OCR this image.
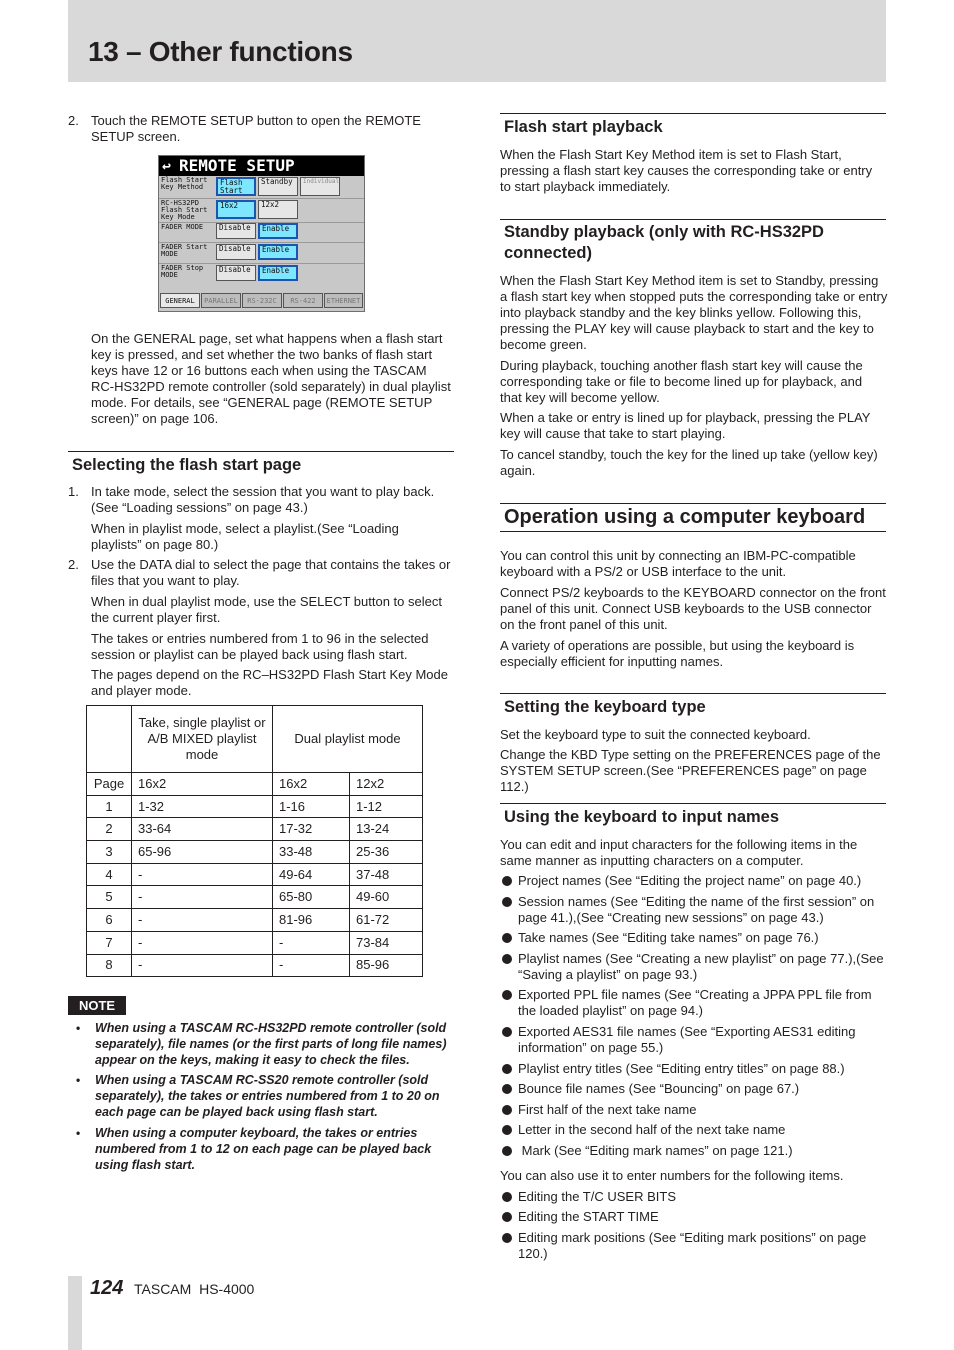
13 – Other functions
2. Touch the REMOTE SETUP button to open the REMOTE SETUP screen.
↩ REMOTE SETUP
Flash Start
Key Method	Flash
Start
Standby	Individual
RC-HS32PD
Flash Start
Key Mode
16x2	12x2
FADER MODE	Disable	Enable
FADER Start
MODE
Disable	Enable
FADER Stop
MODE
Disable	Enable
GENERAL	PARALLEL	RS-232C	RS-422	ETHERNET
On the GENERAL page, set what happens when a flash start key is pressed, and set whether the two banks of flash start keys have 12 or 16 buttons each when using the TASCAM RC-HS32PD remote controller (sold separately) in dual playlist mode. For details, see “GENERAL page (REMOTE SETUP screen)” on page 106.
Selecting the flash start page
1. In take mode, select the session that you want to play back. (See “Loading sessions” on page 43.)
When in playlist mode, select a playlist.(See “Loading playlists” on page 80.)
2. Use the DATA dial to select the page that contains the takes or files that you want to play.
When in dual playlist mode, use the SELECT button to select the current player first.
The takes or entries numbered from 1 to 96 in the selected session or playlist can be played back using flash start.
The pages depend on the RC–HS32PD Flash Start Key Mode and player mode.
	Take, single playlist or A/B MIXED playlist mode	Dual playlist mode	
Page	16x2	16x2	12x2
1	1-32	1-16	1-12
2	33-64	17-32	13-24
3	65-96	33-48	25-36
4	-	49-64	37-48
5	-	65-80	49-60
6	-	81-96	61-72
7	-	-	73-84
8	-	-	85-96
NOTE
• When using a TASCAM RC-HS32PD remote controller (sold separately), file names (or the first parts of long file names) appear on the keys, making it easy to check the files.
• When using a TASCAM RC-SS20 remote controller (sold separately), the takes or entries numbered from 1 to 20 on each page can be played back using flash start.
• When using a computer keyboard, the takes or entries numbered from 1 to 12 on each page can be played back using flash start.
Flash start playback
When the Flash Start Key Method item is set to Flash Start, pressing a flash start key causes the corresponding take or entry to start playback immediately.
Standby playback (only with RC-HS32PD connected)
When the Flash Start Key Method item is set to Standby, pressing a flash start key when stopped puts the corresponding take or entry into playback standby and the key blinks yellow. Following this, pressing the PLAY key will cause playback to start and the key to become green.
During playback, touching another flash start key will cause the corresponding take or file to become lined up for playback, and that key will become yellow.
When a take or entry is lined up for playback, pressing the PLAY key will cause that take to start playing.
To cancel standby, touch the key for the lined up take (yellow key) again.
Operation using a computer keyboard
You can control this unit by connecting an IBM-PC-compatible keyboard with a PS/2 or USB interface to the unit.
Connect PS/2 keyboards to the KEYBOARD connector on the front panel of this unit. Connect USB keyboards to the USB connector on the front panel of this unit.
A variety of operations are possible, but using the keyboard is especially efficient for inputting names.
Setting the keyboard type
Set the keyboard type to suit the connected keyboard.
Change the KBD Type setting on the PREFERENCES page of the SYSTEM SETUP screen.(See “PREFERENCES page” on page 112.)
Using the keyboard to input names
You can edit and input characters for the following items in the same manner as inputting characters on a computer.
Project names (See “Editing the project name” on page 40.)
Session names (See “Editing the name of the first session” on page 41.),(See “Creating new sessions” on page 43.)
Take names (See “Editing take names” on page 76.)
Playlist names (See “Creating a new playlist” on page 77.),(See “Saving a playlist” on page 93.)
Exported PPL file names (See “Creating a JPPA PPL file from the loaded playlist” on page 94.)
Exported AES31 file names (See “Exporting AES31 editing information” on page 55.)
Playlist entry titles (See “Editing entry titles” on page 88.)
Bounce file names (See “Bouncing” on page 67.)
First half of the next take name
Letter in the second half of the next take name
Mark (See “Editing mark names” on page 121.)
You can also use it to enter numbers for the following items.
Editing the T/C USER BITS
Editing the START TIME
Editing mark positions (See “Editing mark positions” on page 120.)
124 TASCAM  HS-4000
